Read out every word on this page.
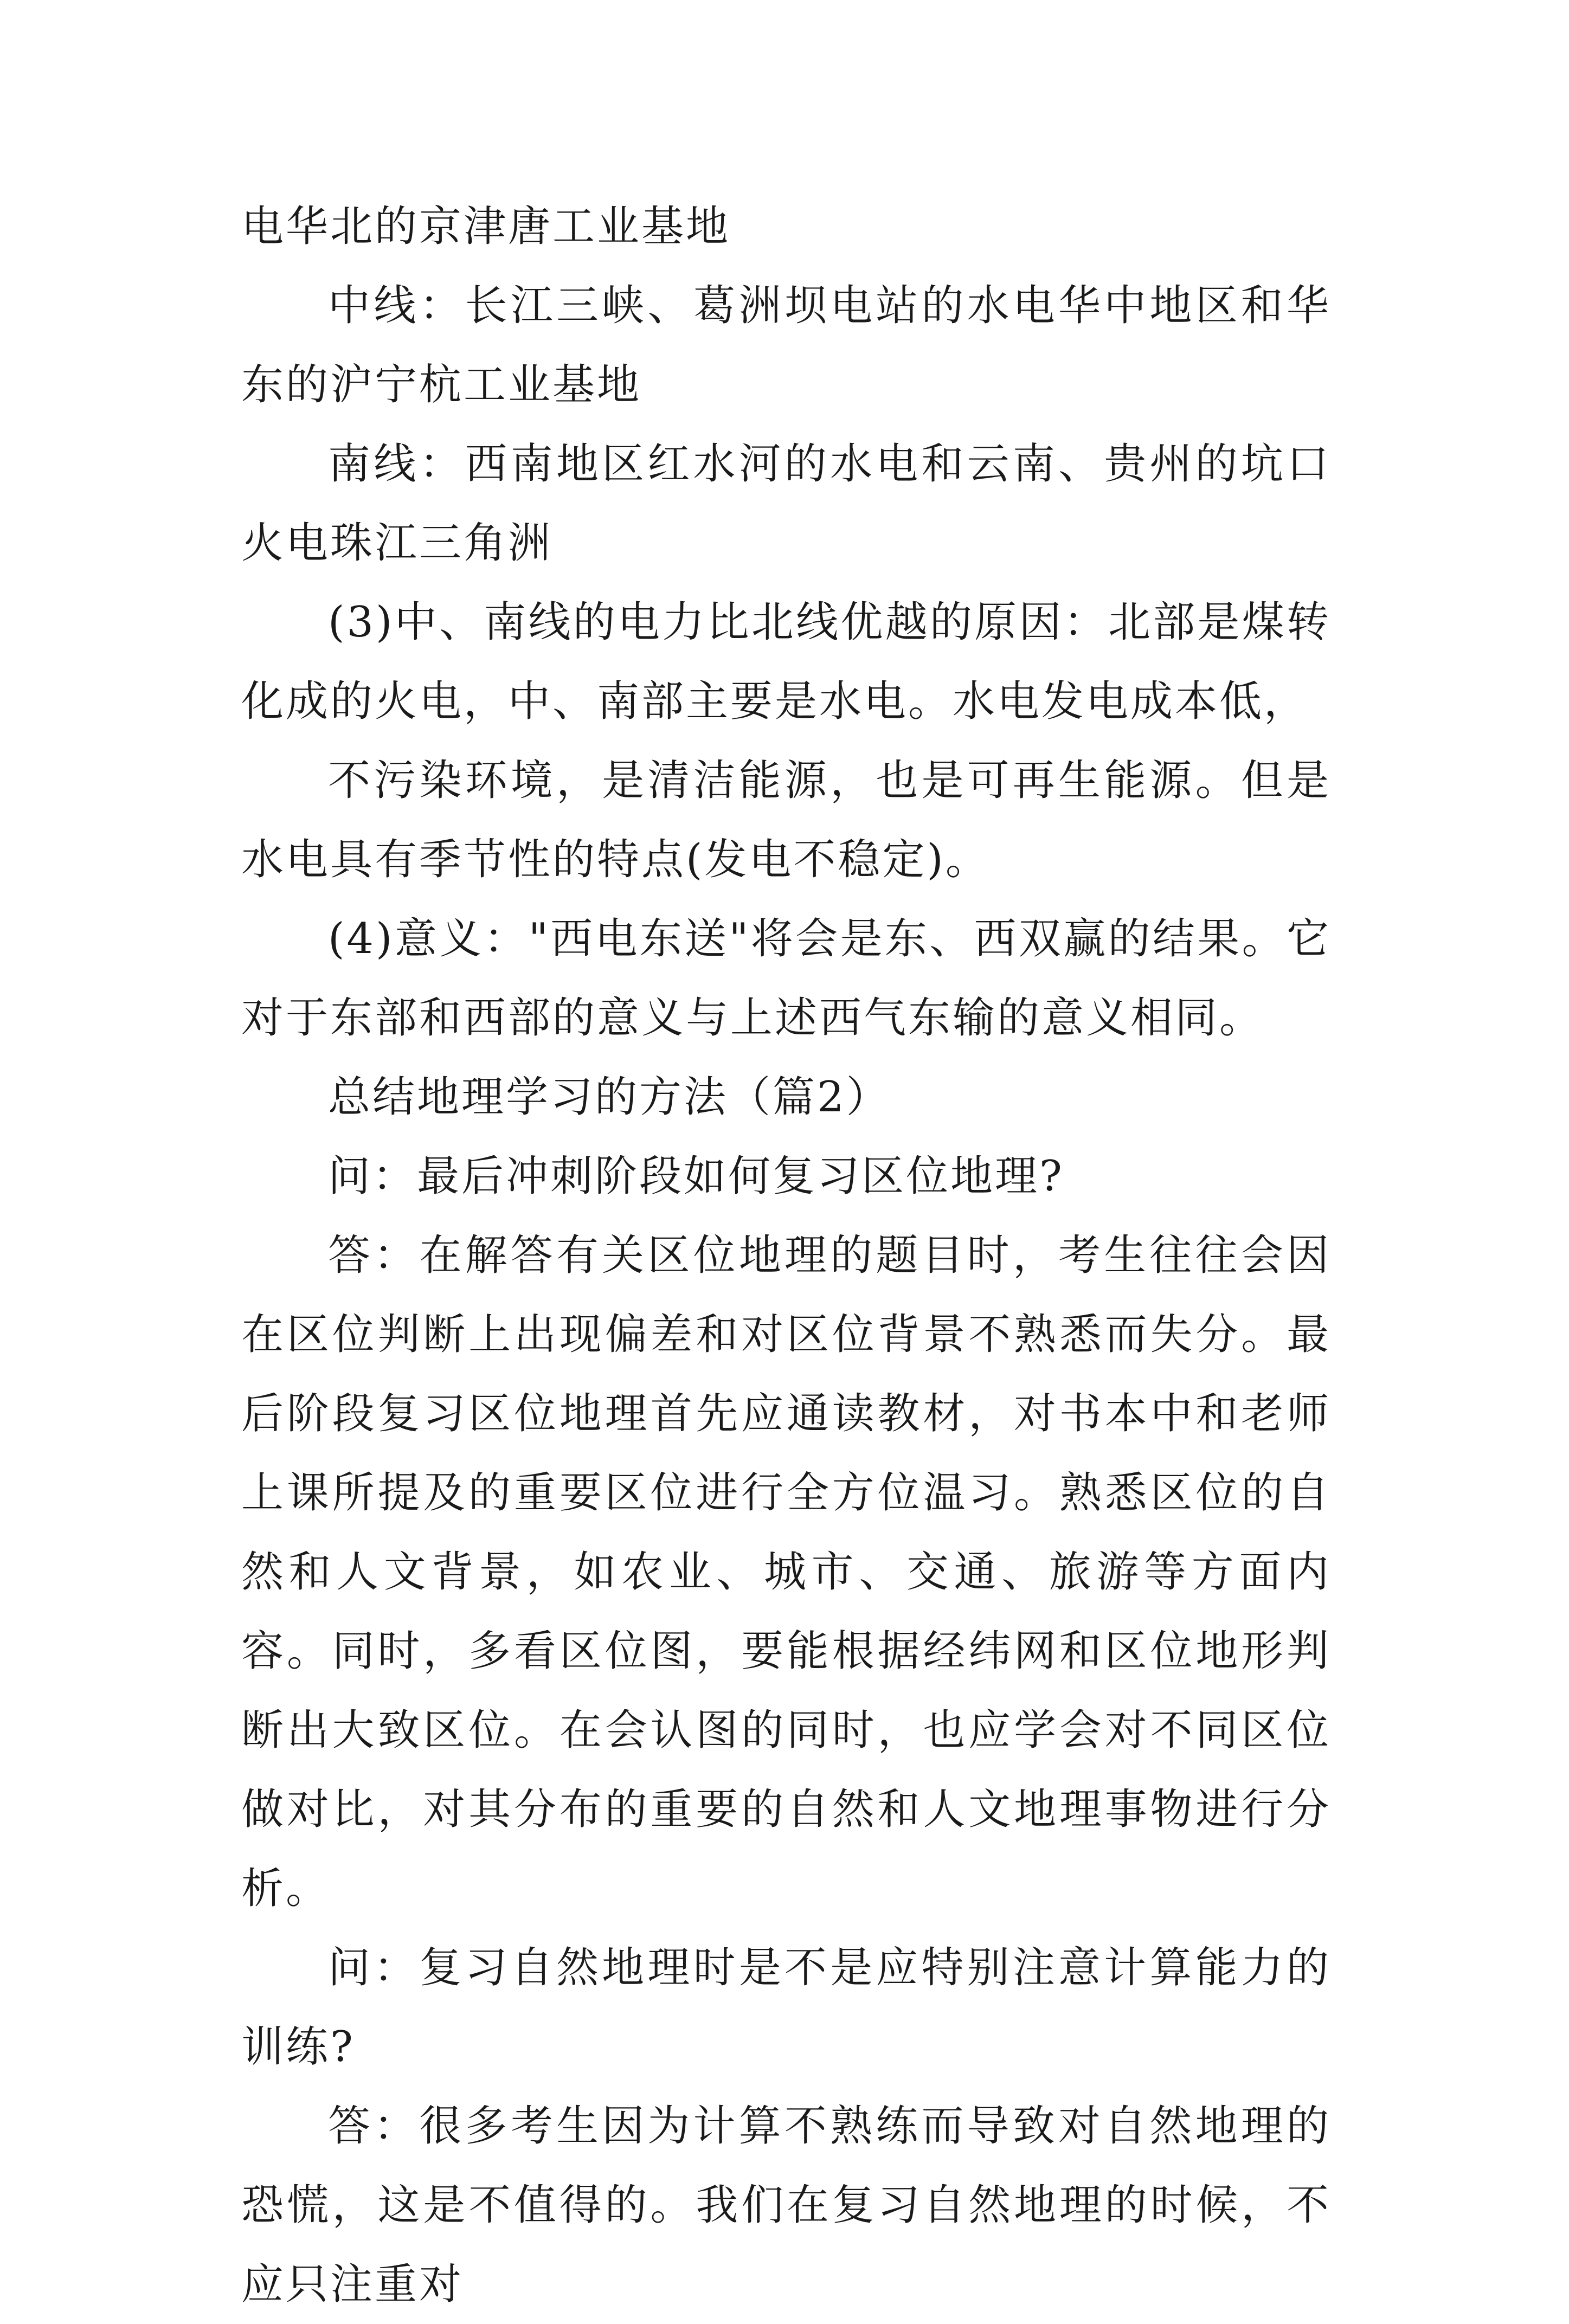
电华北的京津唐工业基地

中线：长江三峡、葛洲坝电站的水电华中地区和华东的沪宁杭工业基地

南线：西南地区红水河的水电和云南、贵州的坑口火电珠江三角洲

(3)中、南线的电力比北线优越的原因：北部是煤转化成的火电，中、南部主要是水电。水电发电成本低，

不污染环境，是清洁能源，也是可再生能源。但是水电具有季节性的特点(发电不稳定)。

(4)意义："西电东送"将会是东、西双赢的结果。它对于东部和西部的意义与上述西气东输的意义相同。

总结地理学习的方法（篇2）

问：最后冲刺阶段如何复习区位地理?

答：在解答有关区位地理的题目时，考生往往会因在区位判断上出现偏差和对区位背景不熟悉而失分。最后阶段复习区位地理首先应通读教材，对书本中和老师上课所提及的重要区位进行全方位温习。熟悉区位的自然和人文背景，如农业、城市、交通、旅游等方面内容。同时，多看区位图，要能根据经纬网和区位地形判断出大致区位。在会认图的同时，也应学会对不同区位做对比，对其分布的重要的自然和人文地理事物进行分析。

问：复习自然地理时是不是应特别注意计算能力的训练?

答：很多考生因为计算不熟练而导致对自然地理的恐慌，这是不值得的。我们在复习自然地理的时候，不应只注重对
